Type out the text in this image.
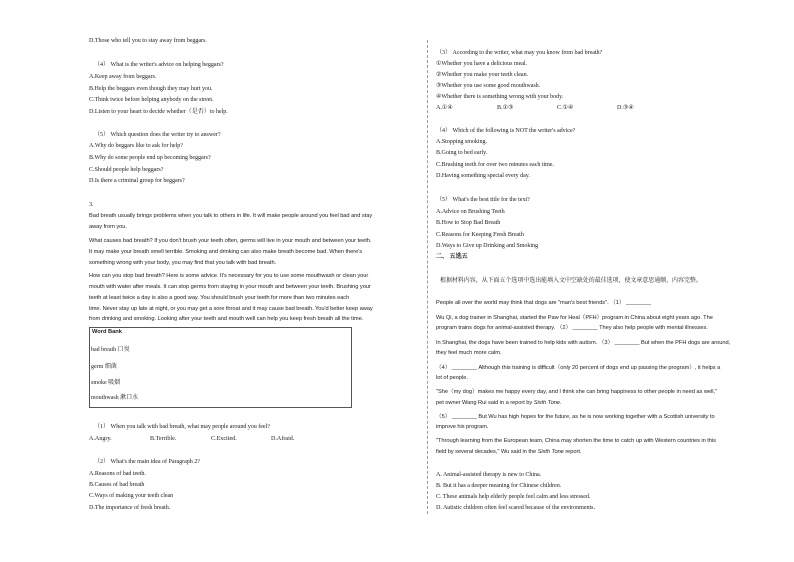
D.Those who tell you to stay away from beggars.
（4） What is the writer's advice on helping beggars?
A.Keep away from beggars.
B.Help the beggars even though they may hurt you.
C.Think twice before helping anybody on the street.
D.Listen to your heart to decide whether（是否）to help.
（5） Which question does the writer try to answer?
A.Why do beggars like to ask for help?
B.Why do some people end up becoming beggars?
C.Should people help beggars?
D.Is there a criminal group for beggars?
3.
Bad breath usually brings problems when you talk to others in life. It will make people around you feel bad and stay
away from you.
What causes bad breath? If you don't brush your teeth often, germs will live in your mouth and between your teeth.
It may make your breath smell terrible. Smoking and drinking can also make breath become bad. When there's
something wrong with your body, you may find that you talk with bad breath.
How can you stop bad breath? Here is some advice. It's necessary for you to use some mouthwash or clean your
mouth with water after meals. It can stop germs from staying in your mouth and between your teeth. Brushing your
teeth at least twice a day is also a good way. You should brush your teeth for more than two minutes each
time. Never stay up late at night, or you may get a sore throat and it may cause bad breath. You'd better keep away
from drinking and smoking. Looking after your teeth and mouth well can help you keep fresh breath all the time.
Word Bank
bad breath 口臭
germ 细菌
smoke 吸烟
mouthwash 漱口水
（1） When you talk with bad breath, what may people around you feel?
A.Angry.	B.Terrible.	C.Excited.	D.Afraid.
（2） What's the main idea of Paragraph 2?
A.Reasons of bad teeth.
B.Causes of bad breath
C.Ways of making your teeth clean
D.The importance of fresh breath.
（3） According to the writer, what may you know from bad breath?
①Whether you have a delicious meal.
②Whether you make your teeth clean.
③Whether you use some good mouthwash.
④Whether there is something wrong with your body.
A.①④	B.①③	C.①④	D.③④
（4） Which of the following is NOT the writer's advice?
A.Stopping smoking.
B.Going to bed early.
C.Brushing teeth for over two minutes each time.
D.Having something special every day.
（5） What's the best title for the text?
A.Advice on Brushing Teeth
B.How to Stop Bad Breath
C.Reasons for Keeping Fresh Breath
D.Ways to Give up Drinking and Smoking
二、 五选五
根据材料内容，从下面五个选项中选出能填入文中空缺处的最佳选项，使文章意思通顺、内容完整。
People all over the world may think that dogs are "man's best friends". （1） ________
Wu Qi, a dog trainer in Shanghai, started the Paw for Heal（PFH）program in China about eight years ago. The
program trains dogs for animal-assisted therapy. （2） ________ They also help people with mental illnesses.
In Shanghai, the dogs have been trained to help kids with autism. （3） ________ But when the PFH dogs are around,
they feel much more calm.
（4） ________ Although this training is difficult（only 20 percent of dogs end up passing the program）, it helps a
lot of people.
"She（my dog）makes me happy every day, and I think she can bring happiness to other people in need as well,"
pet owner Wang Rui said in a report by Sixth Tone.
（5） ________ But Wu has high hopes for the future, as he is now working together with a Scottish university to
improve his program.
"Through learning from the European team, China may shorten the time to catch up with Western countries in this
field by several decades," Wu said in the Sixth Tone report.
A. Animal-assisted therapy is new to China.
B. But it has a deeper meaning for Chinese children.
C. These animals help elderly people feel calm and less stressed.
D. Autistic children often feel scared because of the environments.
